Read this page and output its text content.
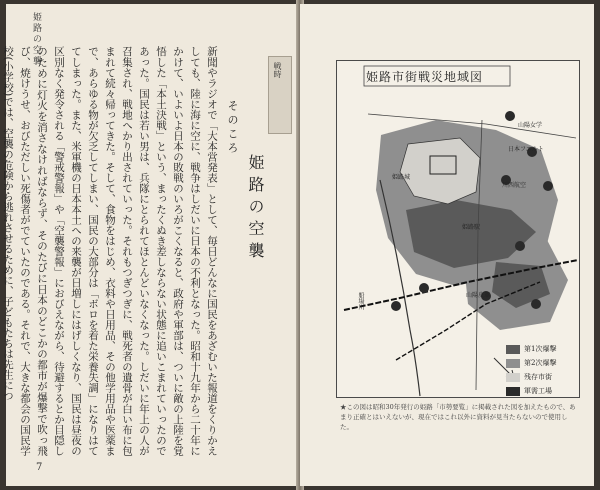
姫路の空襲
戦時
姫路の空襲
そのころ
新聞やラジオで「大本営発表」として、毎日どんなに国民をあざむいた報道をくりかえしても、陸に海に空に、戦争はしだいに日本の不利となった。昭和十九年から二十年にかけて、いよいよ日本の敗戦のいろがこくなると、政府や軍部は、ついに敵の上陸を覚悟した「本土決戦」という、まったくぬき差しならない状態に追いこまれていったのであった。国民は若い男は、兵隊にとられてほとんどいなくなった。しだいに年上の人が召集され、戦地へかり出されていった。それもつぎつぎに、戦死者の遺骨が白い布に包まれて続々帰ってきた。そして、食物をはじめ、衣料や日用品、その他学用品や医薬まで、あらゆる物が欠乏してしまい、国民の大部分は「ボロを着た栄養失調」になりはててしまった。また、米軍機の日本本土への来襲が日増しにはげしくなり、国民は昼夜の区別なく発令される「警戒警報」や「空襲警報」におびえながら、待避するとか目隠しのために灯火を消さなければならず、そのたびに日本のどこかの都市が爆撃で吹っ飛び、焼けうせ、おびただしい死傷者がでていたのである。それで、大きな都会の国民学校(小学校)では、空襲の危険から逃れさせるために、子どもたちは先生につ
7
姫路市街戦災地域図
姫路城
姫路駅
船場川
山陽女学
日本フエルト
川西航空
山陽皮革
第1次爆撃
第2次爆撃
残存市街
軍需工場
★この図は昭和30年発行の姫路「市勢要覧」に掲載された図を加えたもので、あまり正確とはいえないが、現在ではこれ以外に資料が見当たらないので使用した。
